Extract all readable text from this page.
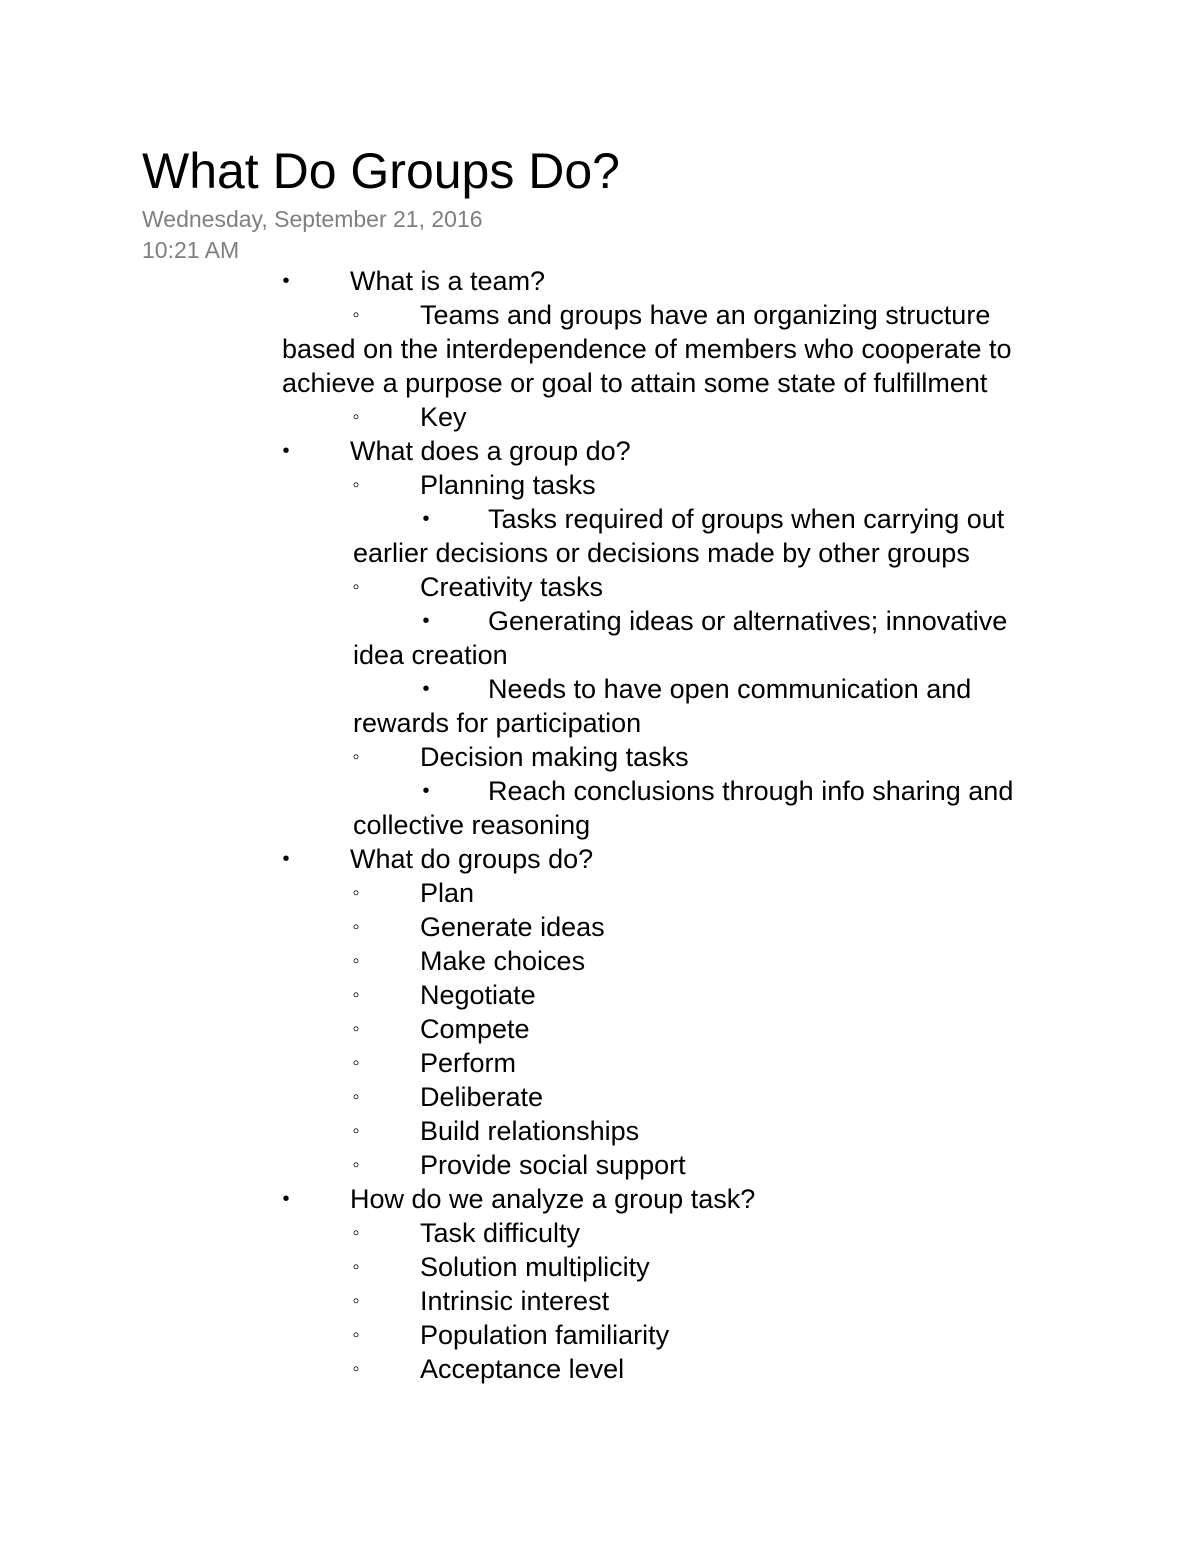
What Do Groups Do?
Wednesday, September 21, 2016
10:21 AM
• What is a team?
◦ Teams and groups have an organizing structure
based on the interdependence of members who cooperate to
achieve a purpose or goal to attain some state of fulfillment
◦ Key
• What does a group do?
◦ Planning tasks
• Tasks required of groups when carrying out
earlier decisions or decisions made by other groups
◦ Creativity tasks
• Generating ideas or alternatives; innovative
idea creation
• Needs to have open communication and
rewards for participation
◦ Decision making tasks
• Reach conclusions through info sharing and
collective reasoning
• What do groups do?
◦ Plan
◦ Generate ideas
◦ Make choices
◦ Negotiate
◦ Compete
◦ Perform
◦ Deliberate
◦ Build relationships
◦ Provide social support
• How do we analyze a group task?
◦ Task difficulty
◦ Solution multiplicity
◦ Intrinsic interest
◦ Population familiarity
◦ Acceptance level
